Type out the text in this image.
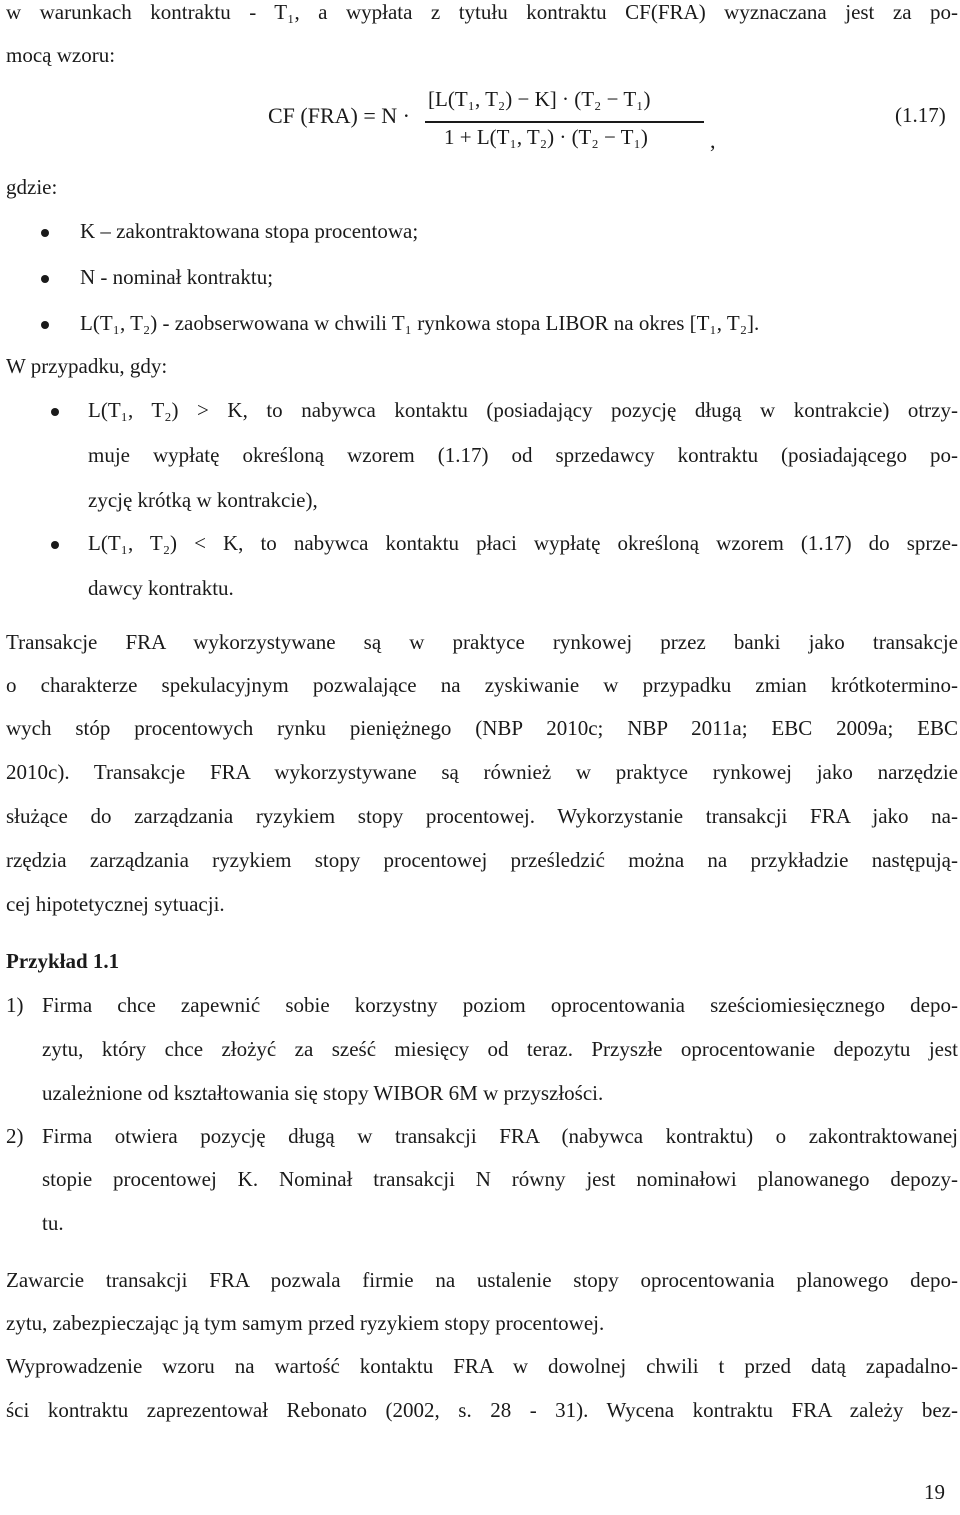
w warunkach kontraktu - T₁, a wypłata z tytułu kontraktu CF(FRA) wyznaczana jest za po-
mocą wzoru:
CF (FRA) = N ·
[L(T₁, T₂) − K] · (T₂ − T₁)
1 + L(T₁, T₂) · (T₂ − T₁)	,
(1.17)
gdzie:
K – zakontraktowana stopa procentowa;
N - nominał kontraktu;
L(T₁, T₂) - zaobserwowana w chwili T₁ rynkowa stopa LIBOR na okres [T₁, T₂].
W przypadku, gdy:
L(T₁, T₂) > K, to nabywca kontaktu (posiadający pozycję długą w kontrakcie) otrzy-
muje wypłatę określoną wzorem (1.17) od sprzedawcy kontraktu (posiadającego po-
zycję krótką w kontrakcie),
L(T₁, T₂) < K, to nabywca kontaktu płaci wypłatę określoną wzorem (1.17) do sprze-
dawcy kontraktu.
Transakcje FRA wykorzystywane są w praktyce rynkowej przez banki jako transakcje
o charakterze spekulacyjnym pozwalające na zyskiwanie w przypadku zmian krótkotermino-
wych stóp procentowych rynku pieniężnego (NBP 2010c; NBP 2011a; EBC 2009a; EBC
2010c). Transakcje FRA wykorzystywane są również w praktyce rynkowej jako narzędzie
służące do zarządzania ryzykiem stopy procentowej. Wykorzystanie transakcji FRA jako na-
rzędzia zarządzania ryzykiem stopy procentowej prześledzić można na przykładzie następują-
cej hipotetycznej sytuacji.
Przykład 1.1
1) Firma chce zapewnić sobie korzystny poziom oprocentowania sześciomiesięcznego depo-
zytu, który chce złożyć za sześć miesięcy od teraz. Przyszłe oprocentowanie depozytu jest
uzależnione od kształtowania się stopy WIBOR 6M w przyszłości.
2) Firma otwiera pozycję długą w transakcji FRA (nabywca kontraktu) o zakontraktowanej
stopie procentowej K. Nominał transakcji N równy jest nominałowi planowanego depozy-
tu.
Zawarcie transakcji FRA pozwala firmie na ustalenie stopy oprocentowania planowego depo-
zytu, zabezpieczając ją tym samym przed ryzykiem stopy procentowej.
Wyprowadzenie wzoru na wartość kontaktu FRA w dowolnej chwili t przed datą zapadalno-
ści kontraktu zaprezentował Rebonato (2002, s. 28 - 31). Wycena kontraktu FRA zależy bez-
19
